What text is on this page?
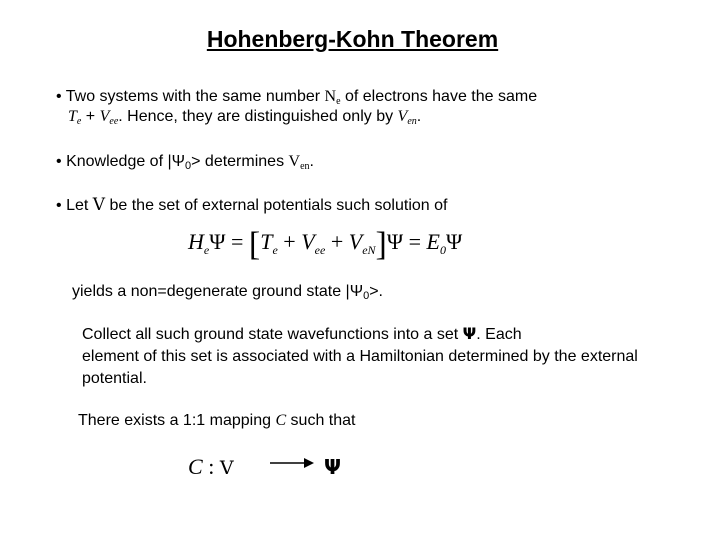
Hohenberg-Kohn Theorem
• Two systems with the same number $N_e$ of electrons have the same
$T_e + V_{ee}$. Hence, they are distinguished only by $V_{en}$.
• Knowledge of |Ψ0> determines $V_{en}$.
• Let V be the set of external potentials such solution of
$H_e\Psi = [T_e + V_{ee} + V_{eN}]\Psi = E_0\Psi$
yields a non=degenerate ground state |Ψ0>.
Collect all such ground state wavefunctions into a set Ψ. Each
element of this set is associated with a Hamiltonian determined by the external
potential.
There exists a 1:1 mapping C such that
C : V	Ψ
